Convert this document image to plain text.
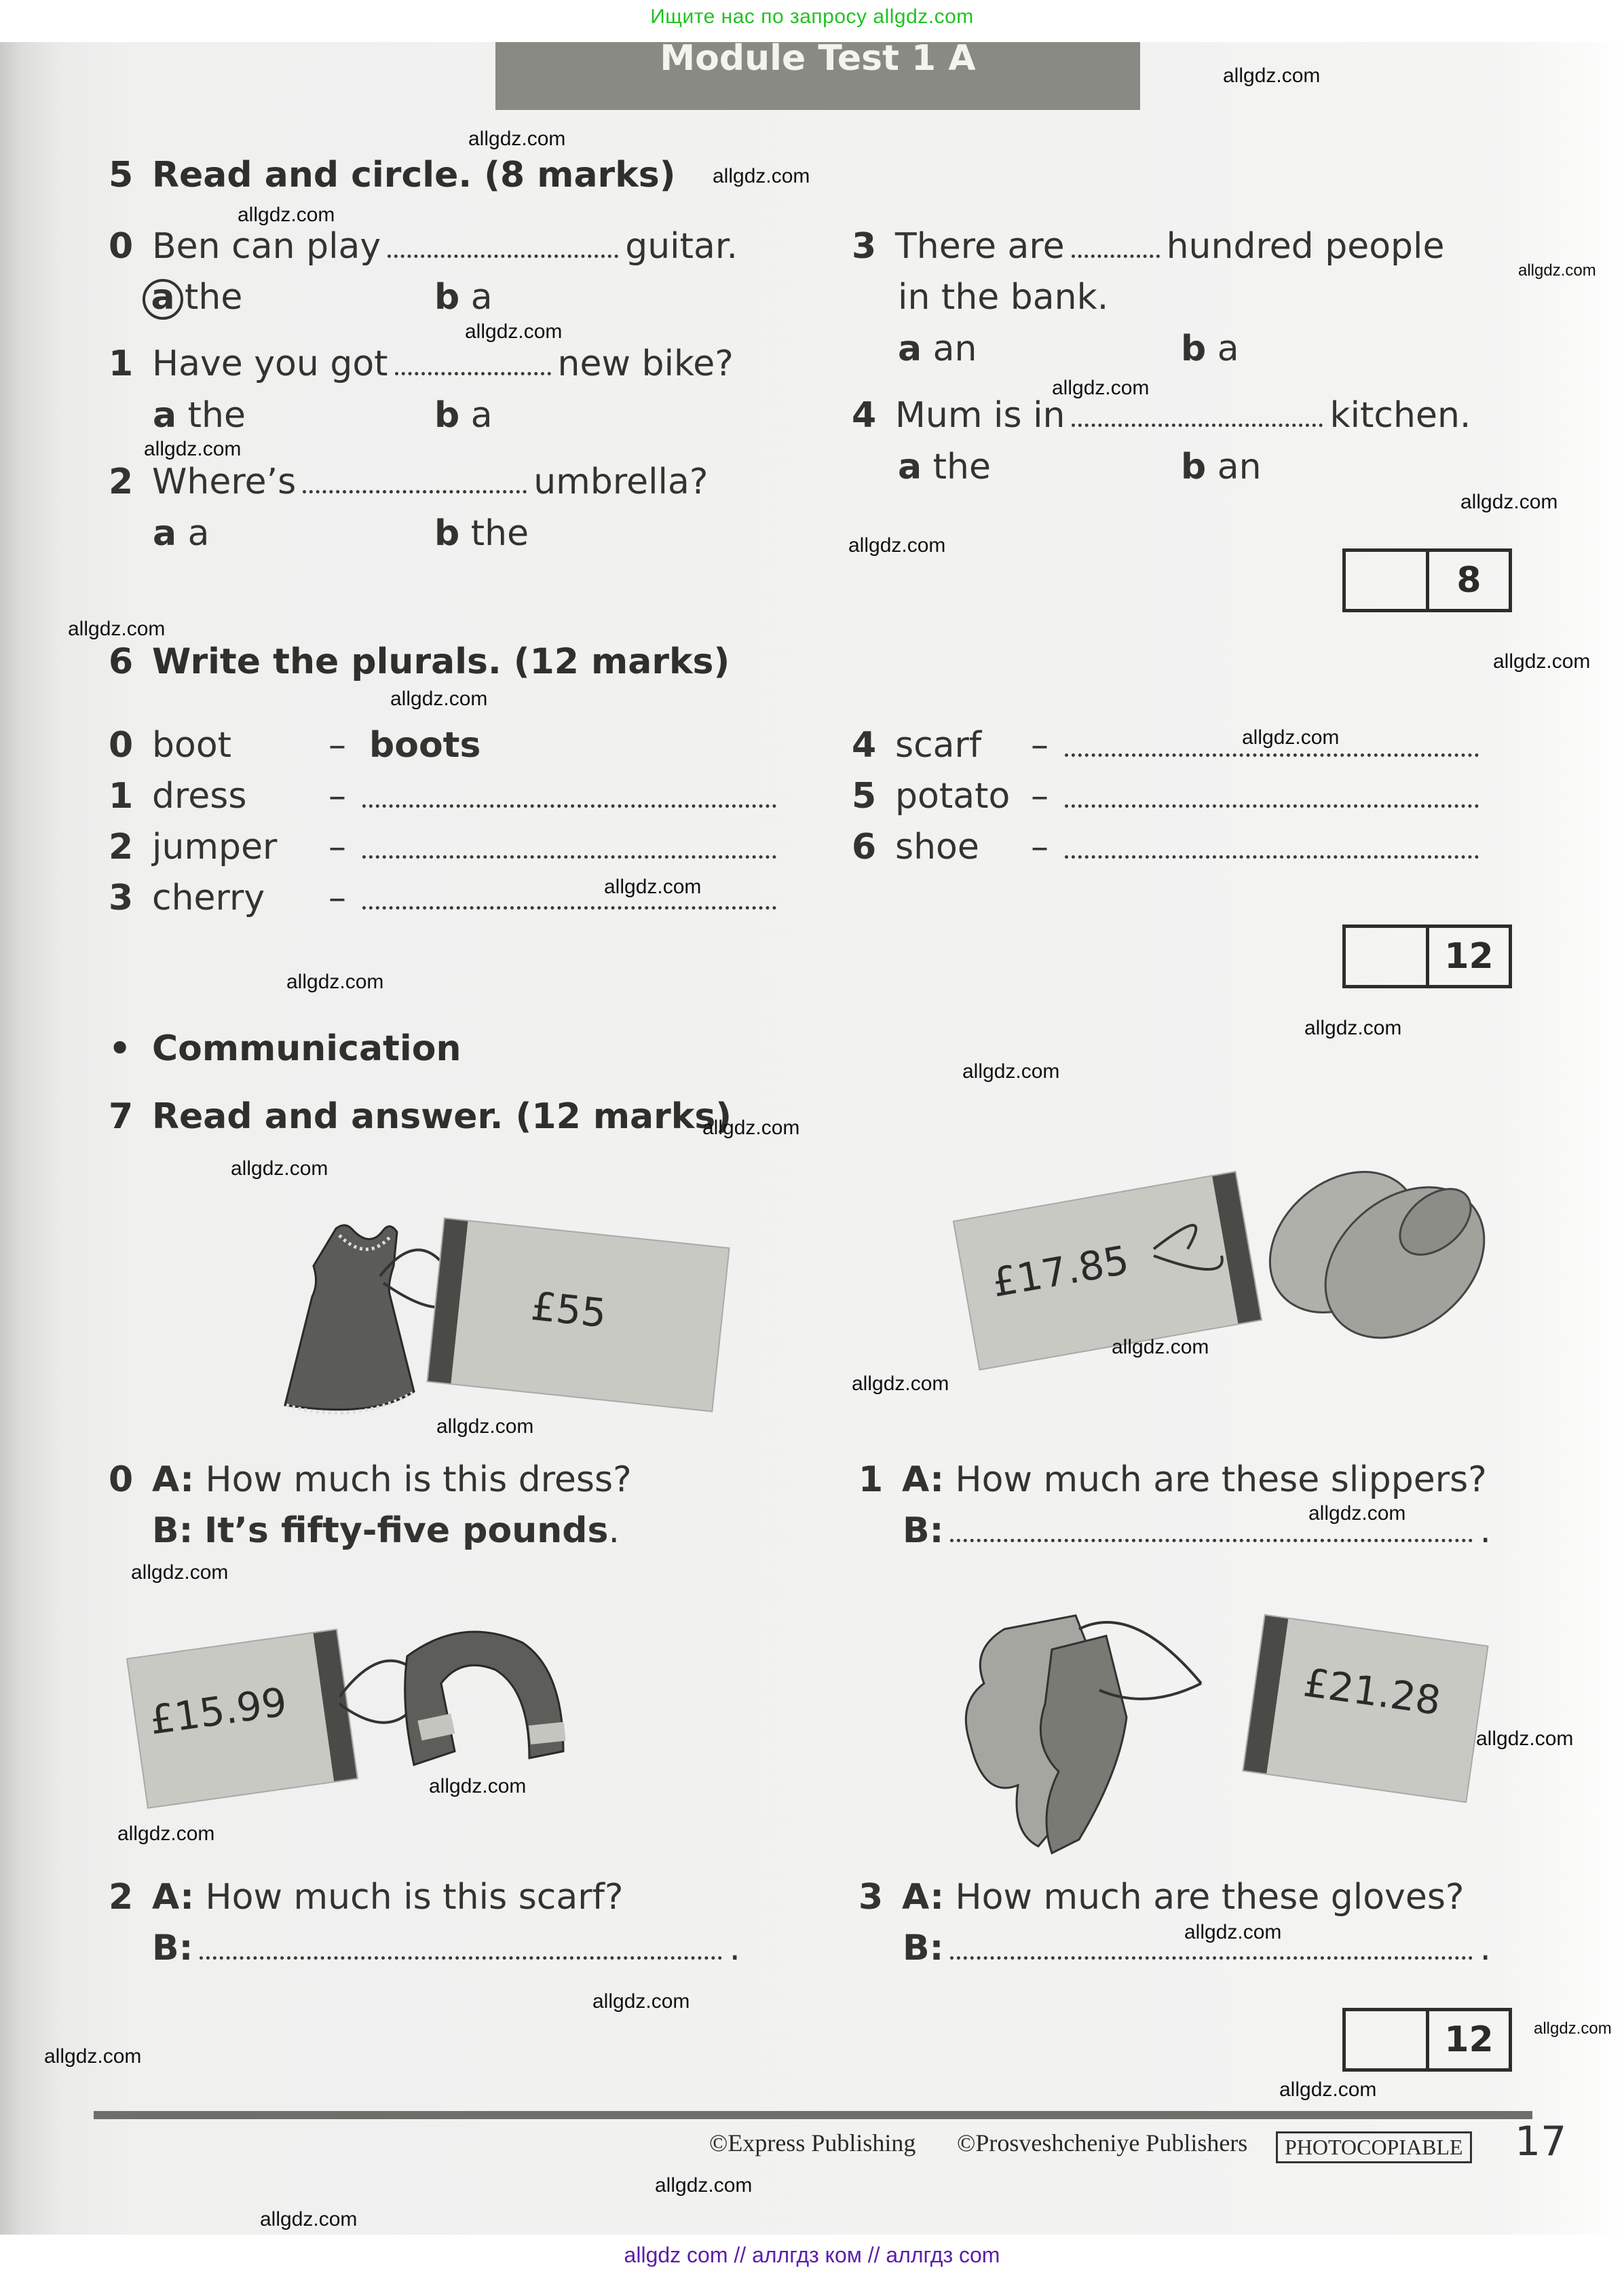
Ищите нас по запросу allgdz.com
Module Test 1 A
5 Read and circle. (8 marks)
0 Ben can play	guitar.
a the	b a
1 Have you got	new bike?
a the	b a
2 Where’s	umbrella?
a a	b the
3 There are	hundred people
in the bank.
a an	b a
4 Mum is in	kitchen.
a the	b an
8
6 Write the plurals. (12 marks)
0 boot	– boots
1 dress –
2 jumper –
3 cherry –
4 scarf –
5 potato –
6 shoe –
12
• Communication
7 Read and answer. (12 marks)
£55
£17.85
0 A: How much is this dress?
B: It’s fifty-five pounds.
1 A: How much are these slippers?
B:	.
£15.99	£21.28
2 A: How much is this scarf?
B:	.
3 A: How much are these gloves?
B:	.
12
©Express Publishing ©Prosveshcheniye Publishers	PHOTOCOPIABLE 17
allgdz.com
allgdz.com
allgdz.com
allgdz.com
allgdz.com
allgdz.com
allgdz.com
allgdz.com
allgdz.com
allgdz.com
allgdz.com
allgdz.com
allgdz.com
allgdz.com
allgdz.com
allgdz.com
allgdz.com
allgdz.com
allgdz.com
allgdz.com
allgdz.com
allgdz.com
allgdz.com
allgdz.com
allgdz.com
allgdz.com
allgdz.com
allgdz.com
allgdz.com
allgdz.com
allgdz.com
allgdz.com
allgdz.com
allgdz.com
allgdz.com
allgdz com // аллгдз ком // аллгдз com
